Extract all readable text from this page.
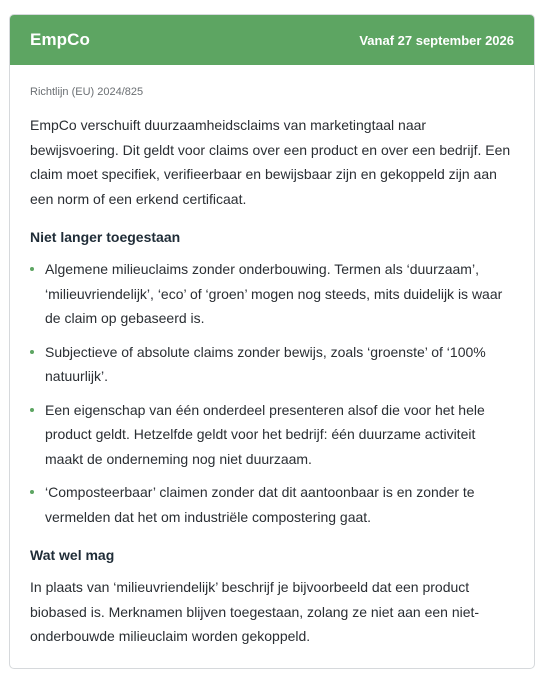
EmpCo	Vanaf 27 september 2026

Richtlijn (EU) 2024/825

EmpCo verschuift duurzaamheidsclaims van marketingtaal naar bewijsvoering. Dit geldt voor claims over een product en over een bedrijf. Een claim moet specifiek, verifieerbaar en bewijsbaar zijn en gekoppeld zijn aan een norm of een erkend certificaat.

Niet langer toegestaan
Algemene milieuclaims zonder onderbouwing. Termen als ‘duurzaam’, ‘milieuvriendelijk’, ‘eco’ of ‘groen’ mogen nog steeds, mits duidelijk is waar de claim op gebaseerd is.
Subjectieve of absolute claims zonder bewijs, zoals ‘groenste’ of ‘100% natuurlijk’.
Een eigenschap van één onderdeel presenteren alsof die voor het hele product geldt. Hetzelfde geldt voor het bedrijf: één duurzame activiteit maakt de onderneming nog niet duurzaam.
‘Composteerbaar’ claimen zonder dat dit aantoonbaar is en zonder te vermelden dat het om industriële compostering gaat.
Wat wel mag

In plaats van ‘milieuvriendelijk’ beschrijf je bijvoorbeeld dat een product biobased is. Merknamen blijven toegestaan, zolang ze niet aan een niet-onderbouwde milieuclaim worden gekoppeld.
